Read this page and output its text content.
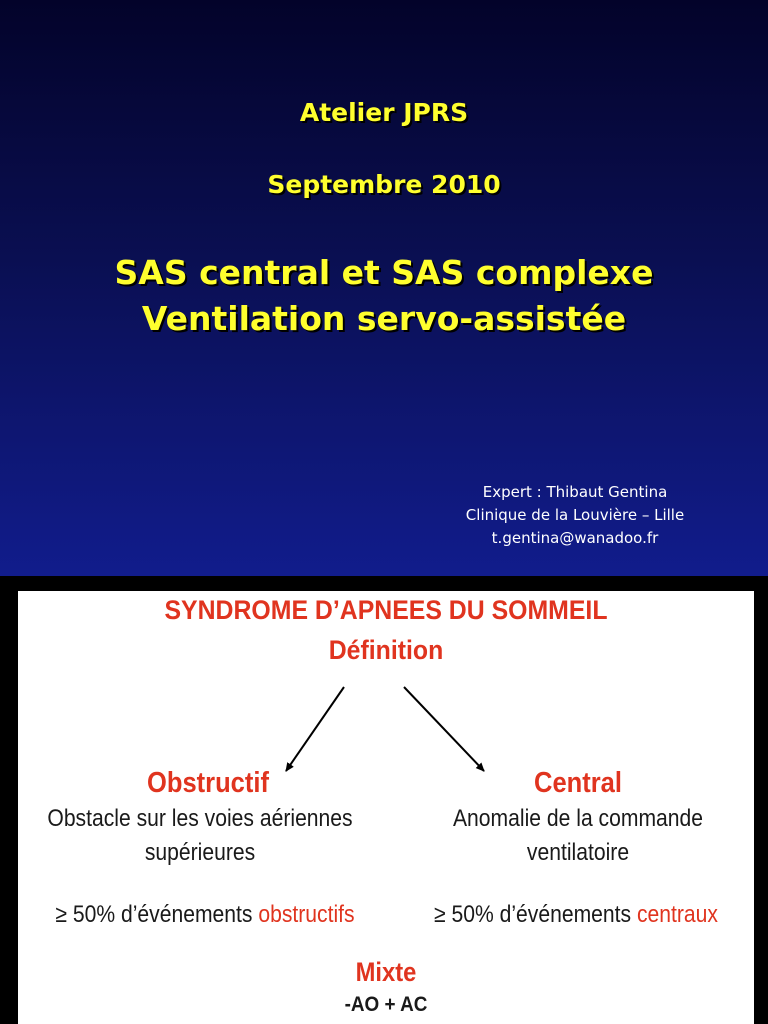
Atelier JPRS
Septembre 2010
SAS central et SAS complexe
Ventilation servo-assistée
Expert : Thibaut Gentina
Clinique de la Louvière – Lille
t.gentina@wanadoo.fr
SYNDROME D’APNEES DU SOMMEIL
Définition
Obstructif	Central
Obstacle sur les voies aériennes
supérieures
Anomalie de la commande
ventilatoire
≥ 50% d’événements obstructifs	≥ 50% d’événements centraux
Mixte
-AO + AC
